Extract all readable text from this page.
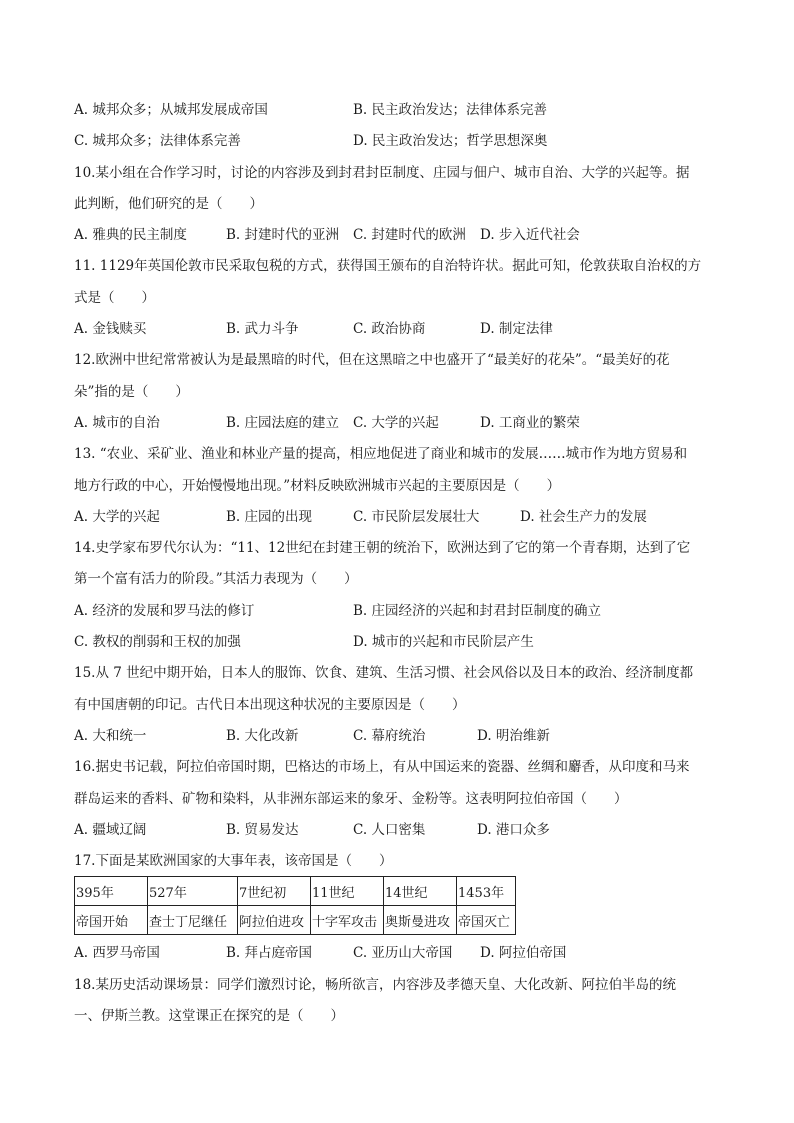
A. 城邦众多；从城邦发展成帝国	B. 民主政治发达；法律体系完善
C. 城邦众多；法律体系完善	D. 民主政治发达；哲学思想深奥
10.某小组在合作学习时，讨论的内容涉及到封君封臣制度、庄园与佃户、城市自治、大学的兴起等。据
此判断，他们研究的是（　　）
A. 雅典的民主制度	B. 封建时代的亚洲 C. 封建时代的欧洲 D. 步入近代社会
11. 1129年英国伦敦市民采取包税的方式，获得国王颁布的自治特许状。据此可知，伦敦获取自治权的方
式是（　　）
A. 金钱赎买	B. 武力斗争	C. 政治协商	D. 制定法律
12.欧洲中世纪常常被认为是最黑暗的时代，但在这黑暗之中也盛开了“最美好的花朵”。“最美好的花
朵”指的是（　　）
A. 城市的自治	B. 庄园法庭的建立 C. 大学的兴起	D. 工商业的繁荣
13. “农业、采矿业、渔业和林业产量的提高，相应地促进了商业和城市的发展……城市作为地方贸易和
地方行政的中心，开始慢慢地出现。”材料反映欧洲城市兴起的主要原因是（　　）
A. 大学的兴起	B. 庄园的出现	C. 市民阶层发展壮大	D. 社会生产力的发展
14.史学家布罗代尔认为：“11、12世纪在封建王朝的统治下，欧洲达到了它的第一个青春期，达到了它
第一个富有活力的阶段。”其活力表现为（　　）
A. 经济的发展和罗马法的修订	B. 庄园经济的兴起和封君封臣制度的确立
C. 教权的削弱和王权的加强	D. 城市的兴起和市民阶层产生
15.从 7 世纪中期开始，日本人的服饰、饮食、建筑、生活习惯、社会风俗以及日本的政治、经济制度都
有中国唐朝的印记。古代日本出现这种状况的主要原因是（　　）
A. 大和统一	B. 大化改新	C. 幕府统治	D. 明治维新
16.据史书记载，阿拉伯帝国时期，巴格达的市场上，有从中国运来的瓷器、丝绸和麝香，从印度和马来
群岛运来的香料、矿物和染料，从非洲东部运来的象牙、金粉等。这表明阿拉伯帝国（　　）
A. 疆域辽阔	B. 贸易发达	C. 人口密集	D. 港口众多
17.下面是某欧洲国家的大事年表，该帝国是（　　）
395年	527年	7世纪初	11世纪	14世纪	1453年
帝国开始	查士丁尼继任	阿拉伯进攻	十字军攻击	奥斯曼进攻	帝国灭亡
A. 西罗马帝国	B. 拜占庭帝国	C. 亚历山大帝国 D. 阿拉伯帝国
18.某历史活动课场景：同学们激烈讨论，畅所欲言，内容涉及孝德天皇、大化改新、阿拉伯半岛的统
一、伊斯兰教。这堂课正在探究的是（　　）
